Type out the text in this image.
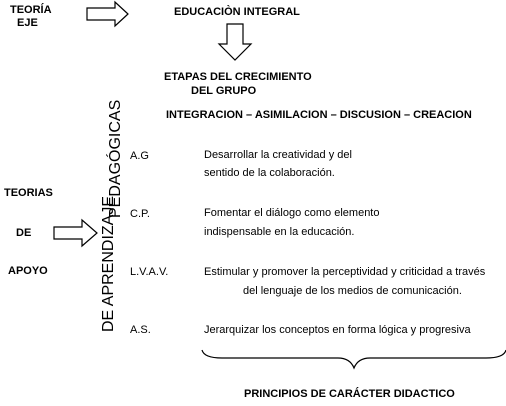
TEORÍA
EJE
EDUCACIÒN INTEGRAL
ETAPAS DEL CRECIMIENTO
DEL GRUPO
INTEGRACION – ASIMILACION – DISCUSION – CREACION
TEORIAS
DE
APOYO	DE APRENDIZAJE
PEDAGÓGICAS A.G	Desarrollar la creatividad y del
sentido de la colaboración.
C.P.	Fomentar el diálogo como elemento
indispensable en la educación.
L.V.A.V.	Estimular y promover la perceptividad y criticidad a través
del lenguaje de los medios de comunicación.
A.S.	Jerarquizar los conceptos en forma lógica y progresiva
PRINCIPIOS DE CARÁCTER DIDACTICO
